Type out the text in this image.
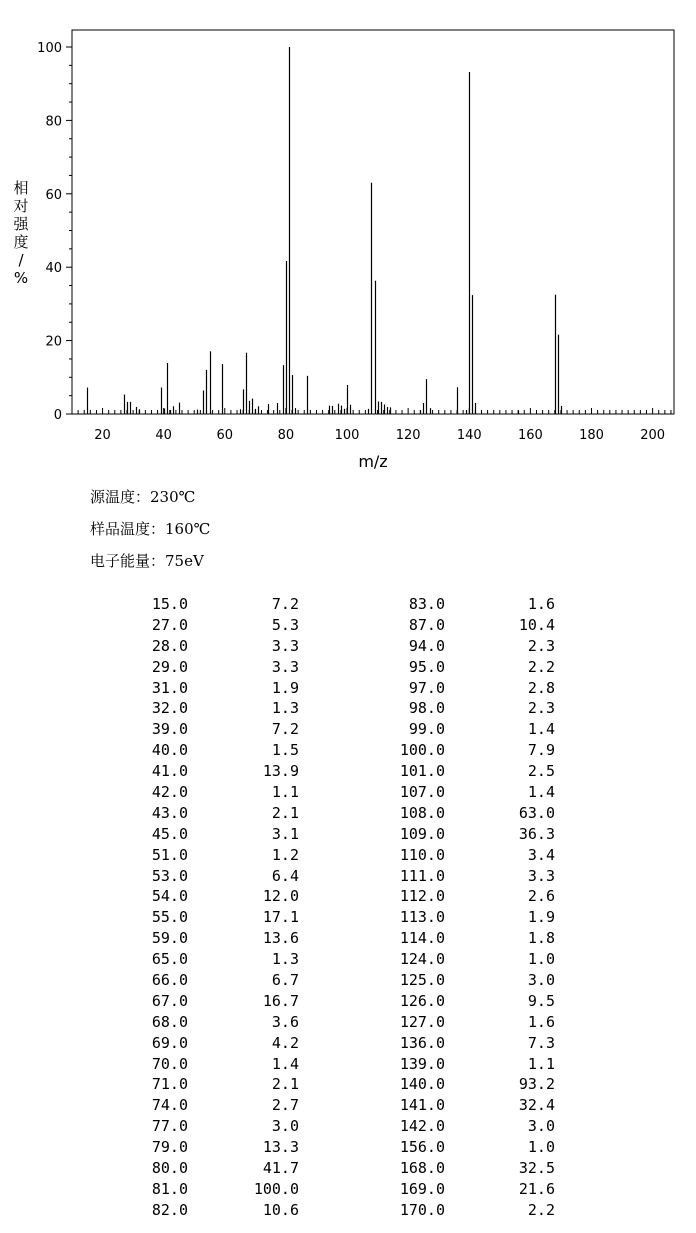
0
20
40
60
80
100
20	40	60	80	100	120	140	160	180	200
m/z
相对强度/ %
源温度：230℃
样品温度：160℃
电子能量：75eV
15.0	7.2	83.0	1.6
27.0	5.3	87.0	10.4
28.0	3.3	94.0	2.3
29.0	3.3	95.0	2.2
31.0	1.9	97.0	2.8
32.0	1.3	98.0	2.3
39.0	7.2	99.0	1.4
40.0	1.5	100.0	7.9
41.0	13.9	101.0	2.5
42.0	1.1	107.0	1.4
43.0	2.1	108.0	63.0
45.0	3.1	109.0	36.3
51.0	1.2	110.0	3.4
53.0	6.4	111.0	3.3
54.0	12.0	112.0	2.6
55.0	17.1	113.0	1.9
59.0	13.6	114.0	1.8
65.0	1.3	124.0	1.0
66.0	6.7	125.0	3.0
67.0	16.7	126.0	9.5
68.0	3.6	127.0	1.6
69.0	4.2	136.0	7.3
70.0	1.4	139.0	1.1
71.0	2.1	140.0	93.2
74.0	2.7	141.0	32.4
77.0	3.0	142.0	3.0
79.0	13.3	156.0	1.0
80.0	41.7	168.0	32.5
81.0	100.0	169.0	21.6
82.0	10.6	170.0	2.2
